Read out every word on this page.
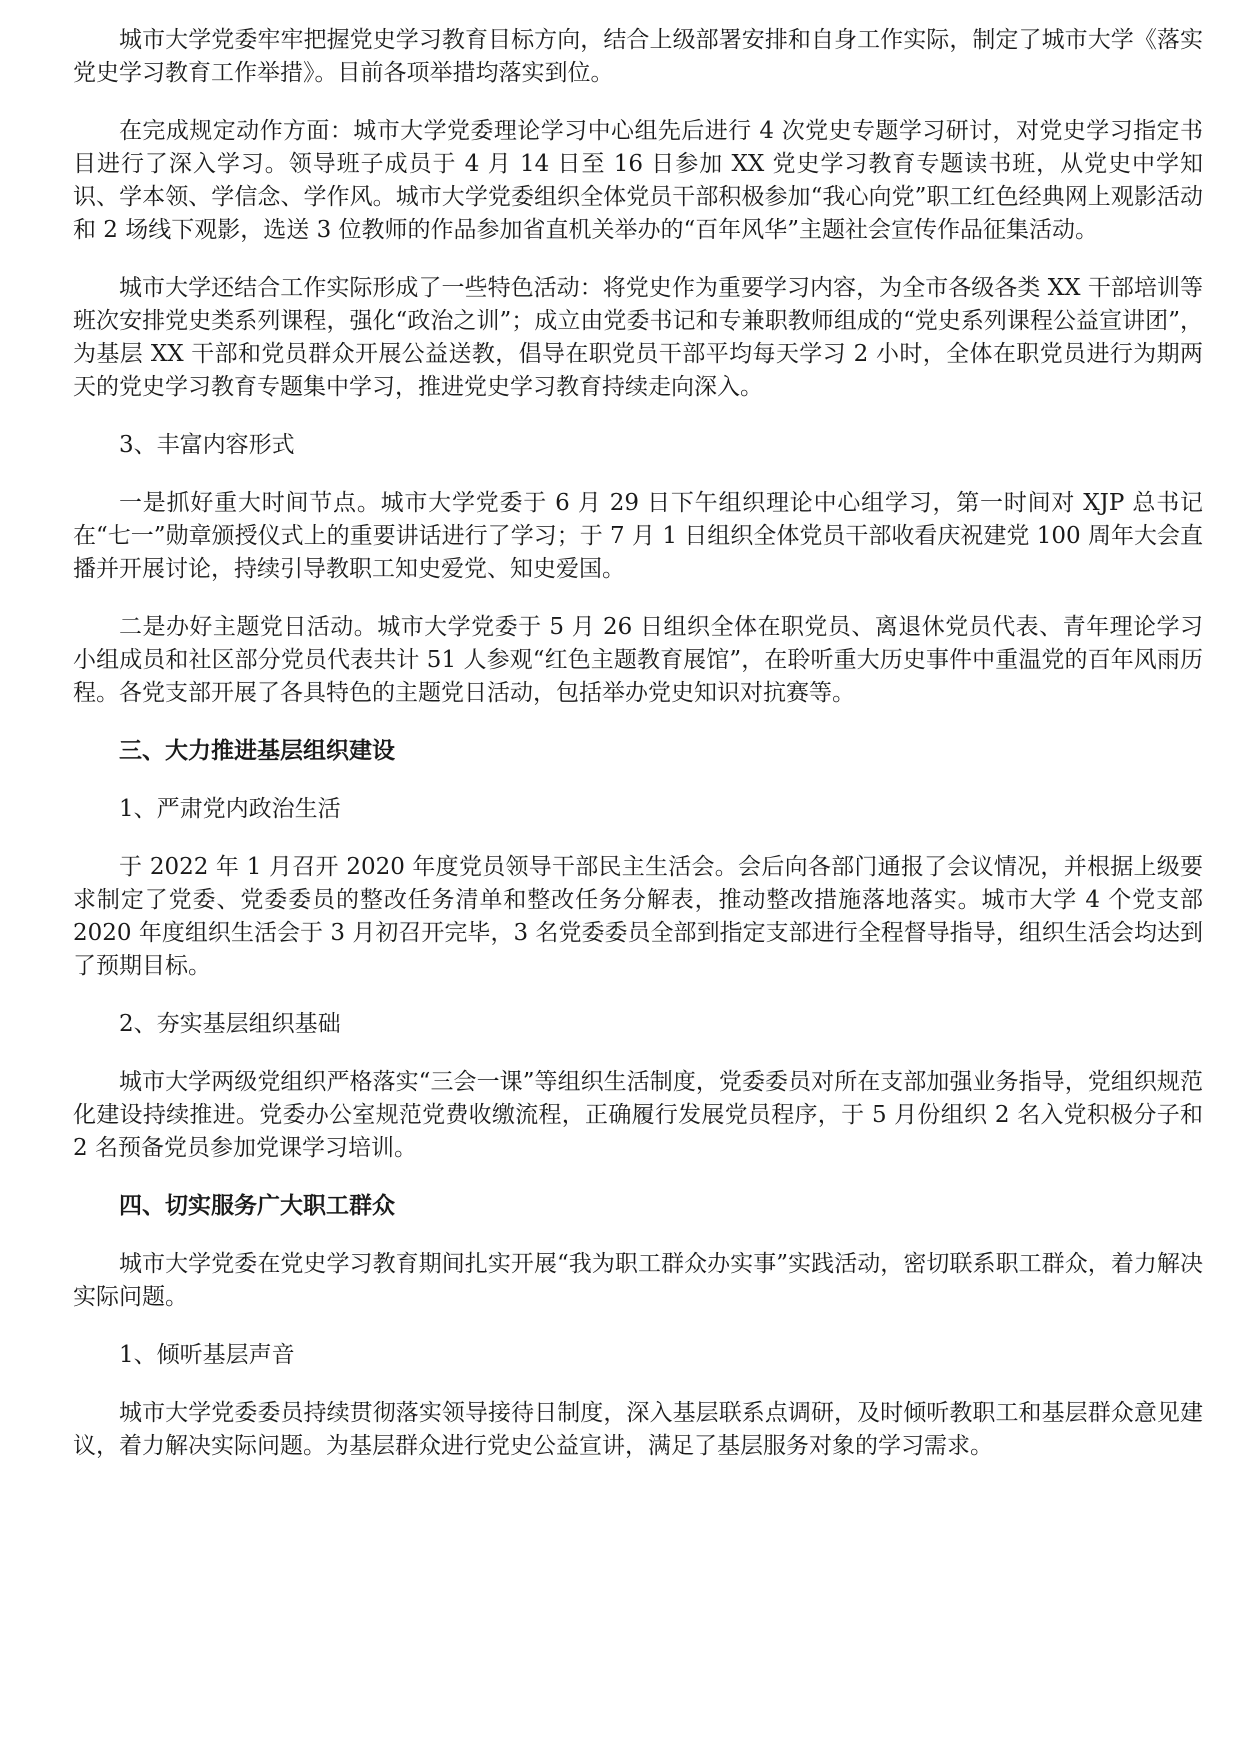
城市大学党委牢牢把握党史学习教育目标方向，结合上级部署安排和自身工作实际，制定了城市大学《落实党史学习教育工作举措》。目前各项举措均落实到位。

在完成规定动作方面：城市大学党委理论学习中心组先后进行 4 次党史专题学习研讨，对党史学习指定书目进行了深入学习。领导班子成员于 4 月 14 日至 16 日参加 XX 党史学习教育专题读书班，从党史中学知识、学本领、学信念、学作风。城市大学党委组织全体党员干部积极参加“我心向党”职工红色经典网上观影活动和 2 场线下观影，选送 3 位教师的作品参加省直机关举办的“百年风华”主题社会宣传作品征集活动。

城市大学还结合工作实际形成了一些特色活动：将党史作为重要学习内容，为全市各级各类 XX 干部培训等班次安排党史类系列课程，强化“政治之训”；成立由党委书记和专兼职教师组成的“党史系列课程公益宣讲团”，为基层 XX 干部和党员群众开展公益送教，倡导在职党员干部平均每天学习 2 小时，全体在职党员进行为期两天的党史学习教育专题集中学习，推进党史学习教育持续走向深入。

3、丰富内容形式

一是抓好重大时间节点。城市大学党委于 6 月 29 日下午组织理论中心组学习，第一时间对 XJP 总书记在“七一”勋章颁授仪式上的重要讲话进行了学习；于 7 月 1 日组织全体党员干部收看庆祝建党 100 周年大会直播并开展讨论，持续引导教职工知史爱党、知史爱国。

二是办好主题党日活动。城市大学党委于 5 月 26 日组织全体在职党员、离退休党员代表、青年理论学习小组成员和社区部分党员代表共计 51 人参观“红色主题教育展馆”，在聆听重大历史事件中重温党的百年风雨历程。各党支部开展了各具特色的主题党日活动，包括举办党史知识对抗赛等。

三、大力推进基层组织建设

1、严肃党内政治生活

于 2022 年 1 月召开 2020 年度党员领导干部民主生活会。会后向各部门通报了会议情况，并根据上级要求制定了党委、党委委员的整改任务清单和整改任务分解表，推动整改措施落地落实。城市大学 4 个党支部 2020 年度组织生活会于 3 月初召开完毕，3 名党委委员全部到指定支部进行全程督导指导，组织生活会均达到了预期目标。

2、夯实基层组织基础

城市大学两级党组织严格落实“三会一课”等组织生活制度，党委委员对所在支部加强业务指导，党组织规范化建设持续推进。党委办公室规范党费收缴流程，正确履行发展党员程序，于 5 月份组织 2 名入党积极分子和 2 名预备党员参加党课学习培训。

四、切实服务广大职工群众

城市大学党委在党史学习教育期间扎实开展“我为职工群众办实事”实践活动，密切联系职工群众，着力解决实际问题。

1、倾听基层声音

城市大学党委委员持续贯彻落实领导接待日制度，深入基层联系点调研，及时倾听教职工和基层群众意见建议，着力解决实际问题。为基层群众进行党史公益宣讲，满足了基层服务对象的学习需求。
